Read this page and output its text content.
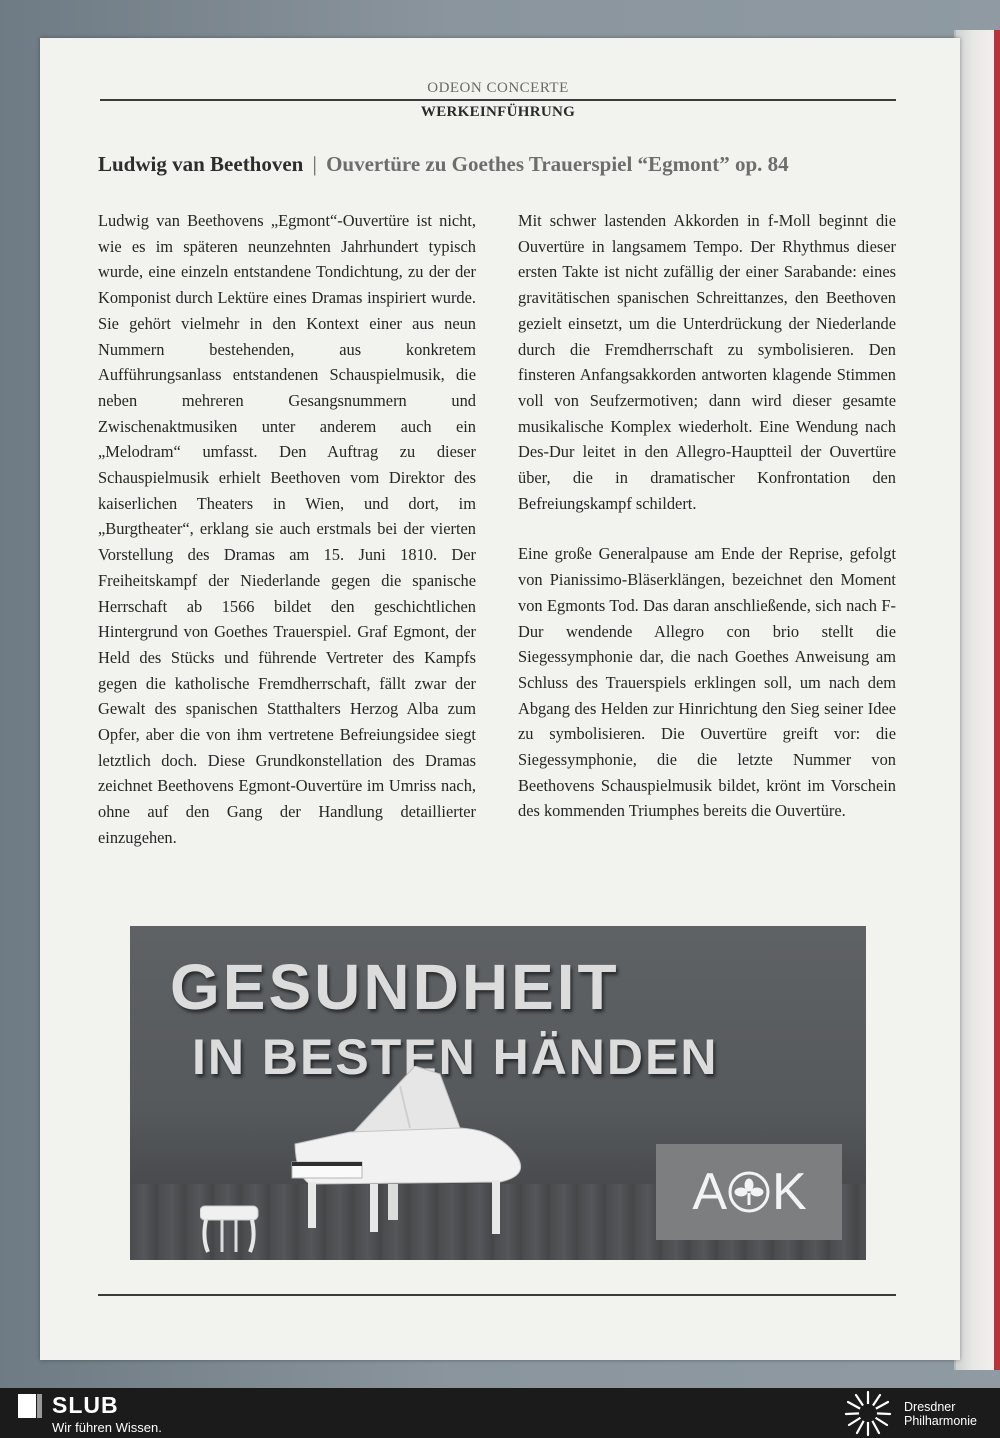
ODEON CONCERTE
WERKEINFÜHRUNG
Ludwig van Beethoven | Ouvertüre zu Goethes Trauerspiel “Egmont” op. 84

Ludwig van Beethovens „Egmont“-Ouvertüre ist nicht, wie es im späteren neunzehnten Jahrhundert typisch wurde, eine einzeln entstandene Tondichtung, zu der der Komponist durch Lektüre eines Dramas inspiriert wurde. Sie gehört vielmehr in den Kontext einer aus neun Nummern bestehenden, aus konkretem Aufführungsanlass entstandenen Schauspielmusik, die neben mehreren Gesangsnummern und Zwischenaktmusiken unter anderem auch ein „Melodram“ umfasst. Den Auftrag zu dieser Schauspielmusik erhielt Beethoven vom Direktor des kaiserlichen Theaters in Wien, und dort, im „Burgtheater“, erklang sie auch erstmals bei der vierten Vorstellung des Dramas am 15. Juni 1810. Der Freiheitskampf der Niederlande gegen die spanische Herrschaft ab 1566 bildet den geschichtlichen Hintergrund von Goethes Trauerspiel. Graf Egmont, der Held des Stücks und führende Vertreter des Kampfs gegen die katholische Fremdherrschaft, fällt zwar der Gewalt des spanischen Statthalters Herzog Alba zum Opfer, aber die von ihm vertretene Befreiungsidee siegt letztlich doch. Diese Grundkonstellation des Dramas zeichnet Beethovens Egmont-Ouvertüre im Umriss nach, ohne auf den Gang der Handlung detaillierter einzugehen.

Mit schwer lastenden Akkorden in f-Moll beginnt die Ouvertüre in langsamem Tempo. Der Rhythmus dieser ersten Takte ist nicht zufällig der einer Sarabande: eines gravitätischen spanischen Schreittanzes, den Beethoven gezielt einsetzt, um die Unterdrückung der Niederlande durch die Fremdherrschaft zu symbolisieren. Den finsteren Anfangsakkorden antworten klagende Stimmen voll von Seufzermotiven; dann wird dieser gesamte musikalische Komplex wiederholt. Eine Wendung nach Des-Dur leitet in den Allegro-Hauptteil der Ouvertüre über, die in dramatischer Konfrontation den Befreiungskampf schildert.

Eine große Generalpause am Ende der Reprise, gefolgt von Pianissimo-Bläserklängen, bezeichnet den Moment von Egmonts Tod. Das daran anschließende, sich nach F-Dur wendende Allegro con brio stellt die Siegessymphonie dar, die nach Goethes Anweisung am Schluss des Trauerspiels erklingen soll, um nach dem Abgang des Helden zur Hinrichtung den Sieg seiner Idee zu symbolisieren. Die Ouvertüre greift vor: die Siegessymphonie, die die letzte Nummer von Beethovens Schauspielmusik bildet, krönt im Vorschein des kommenden Triumphes bereits die Ouvertüre.

GESUNDHEIT
IN BESTEN HÄNDEN
A K
SLUB
Wir führen Wissen.
Dresdner
Philharmonie
